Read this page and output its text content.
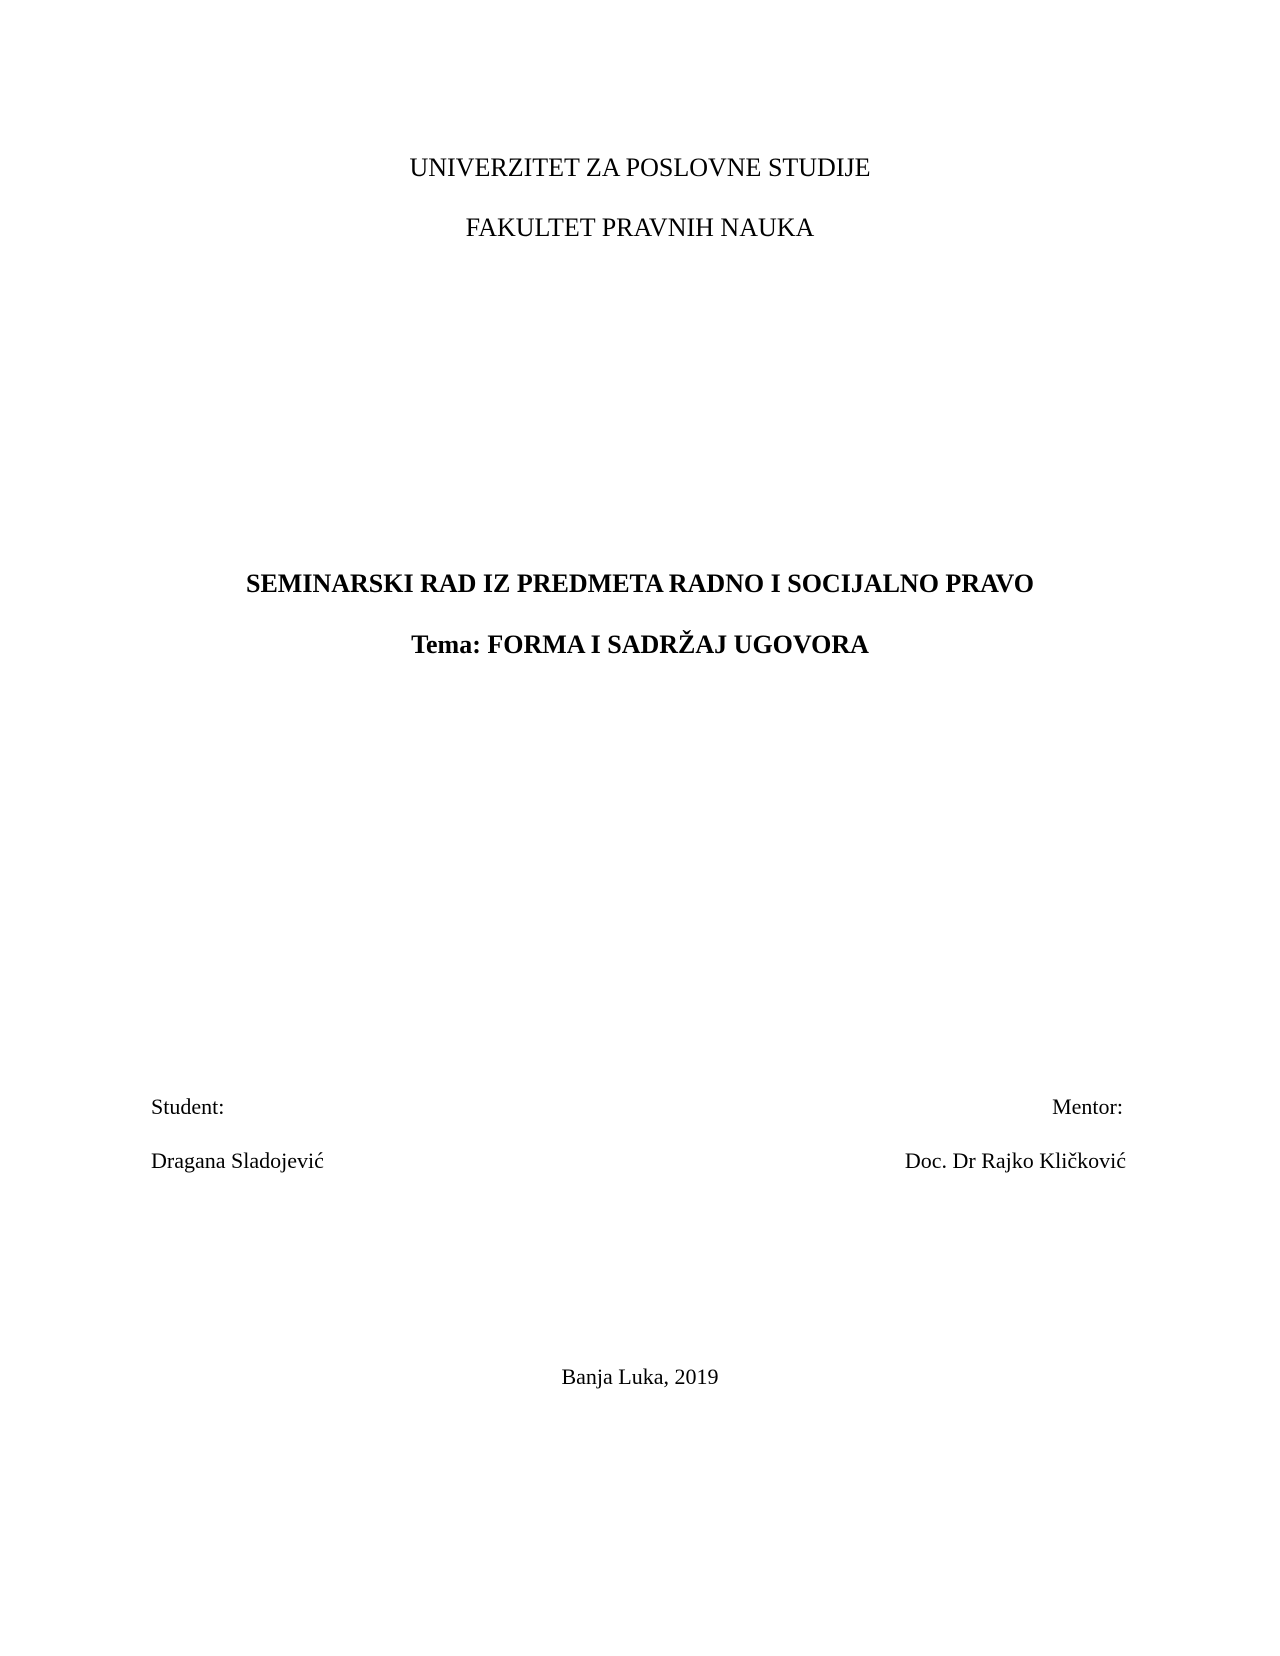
UNIVERZITET ZA POSLOVNE STUDIJE
FAKULTET PRAVNIH NAUKA
SEMINARSKI RAD IZ PREDMETA RADNO I SOCIJALNO PRAVO
Tema: FORMA I SADRŽAJ UGOVORA
Student:
Dragana Sladojević
Mentor:
Doc. Dr Rajko Kličković
Banja Luka, 2019
